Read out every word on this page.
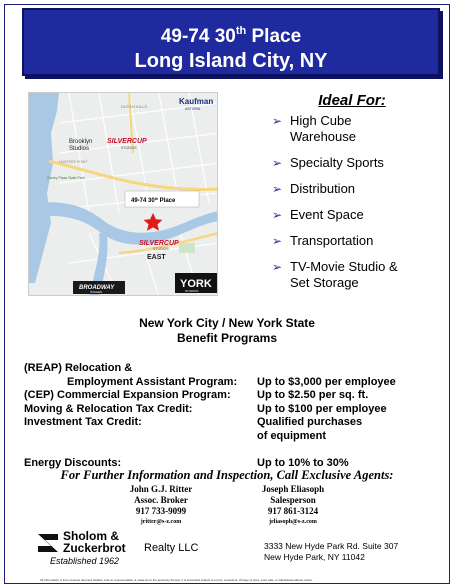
49-74 30th Place
Long Island City, NY
DUTCH KILLS
Kaufman
ASTORIA
Brooklyn
Studios
SILVERCUP
STUDIOS
HUNTERS POINT
Gantry Plaza State Park
49-74 30th Place
SILVERCUP
STUDIOS
EAST
BROADWAY
STAGES
YORK
STUDIOS
Ideal For:
➢ High Cube
Warehouse
➢ Specialty Sports
➢ Distribution
➢ Event Space
➢ Transportation
➢ TV-Movie Studio &
Set Storage
New York City / New York State
Benefit Programs
(REAP) Relocation &
Employment Assistant Program: Up to $3,000 per employee
(CEP) Commercial Expansion Program: Up to $2.50 per sq. ft.
Moving & Relocation Tax Credit:	Up to $100 per employee
Investment Tax Credit:	Qualified purchases
of equipment
Energy Discounts:	Up to 10% to 30%
For Further Information and Inspection, Call Exclusive Agents:
John G.J. Ritter
Assoc. Broker
917 733-9099
jritter@s-z.com
Joseph Eliasoph
Salesperson
917 861-3124
jeliasoph@s-z.com
Sholom &
Zuckerbrot Realty LLC
Established 1962
3333 New Hyde Park Rd. Suite 307
New Hyde Park, NY 11042
All information is from sources deemed reliable, and no representation is made as to the accuracy thereof, it is submitted subject to errors, omissions, change of price, prior sale, or withdrawal without notice.
